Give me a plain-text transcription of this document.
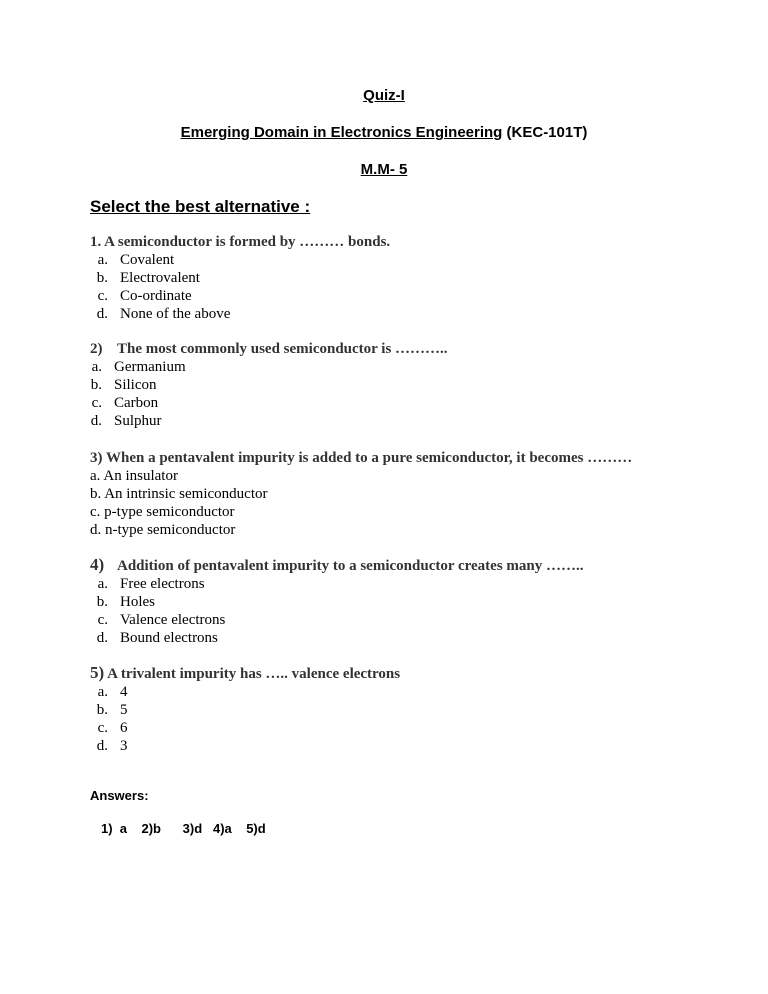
Quiz-I
Emerging Domain in Electronics Engineering (KEC-101T)
M.M- 5
Select the best alternative :
1. A semiconductor is formed by ……… bonds.
a. Covalent
b. Electrovalent
c. Co-ordinate
d. None of the above
2) The most commonly used semiconductor is ………..
a. Germanium
b. Silicon
c. Carbon
d. Sulphur
3) When a pentavalent impurity is added to a pure semiconductor, it becomes ………
a. An insulator
b. An intrinsic semiconductor
c. p-type semiconductor
d. n-type semiconductor
4) Addition of pentavalent impurity to a semiconductor creates many ……..
a. Free electrons
b. Holes
c. Valence electrons
d. Bound electrons
5) A trivalent impurity has ….. valence electrons
a. 4
b. 5
c. 6
d. 3
Answers:
1)  a    2)b      3)d   4)a    5)d
